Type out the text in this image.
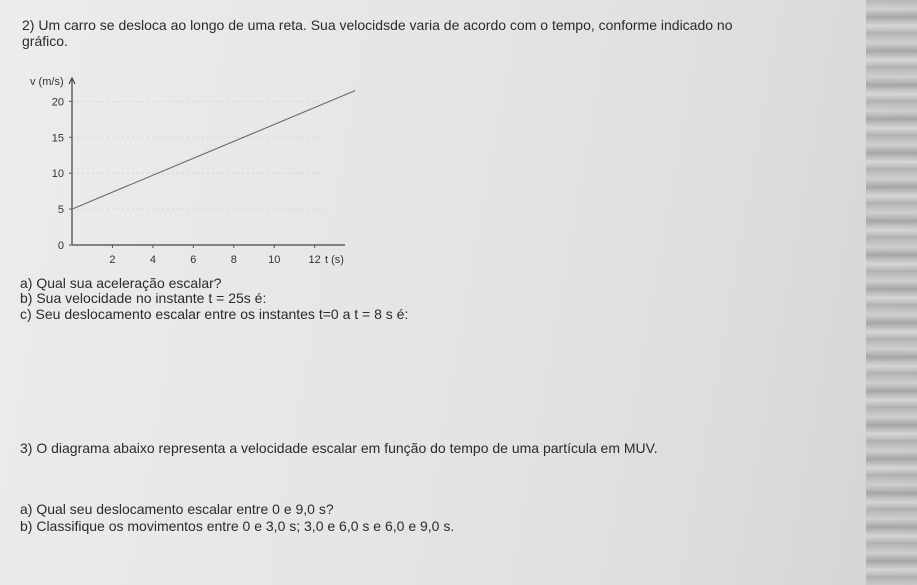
2) Um carro se desloca ao longo de uma reta. Sua velocidsde varia de acordo com o tempo, conforme indicado no
gráfico.
0
5
10
15
20
2	4	6	8	10	12
v (m/s)
t (s)
a) Qual sua aceleração escalar?
b) Sua velocidade no instante t = 25s é:
c) Seu deslocamento escalar entre os instantes t=0 a t = 8 s é:
3) O diagrama abaixo representa a velocidade escalar em função do tempo de uma partícula em MUV.
a) Qual seu deslocamento escalar entre 0 e 9,0 s?
b) Classifique os movimentos entre 0 e 3,0 s; 3,0 e 6,0 s e 6,0 e 9,0 s.
